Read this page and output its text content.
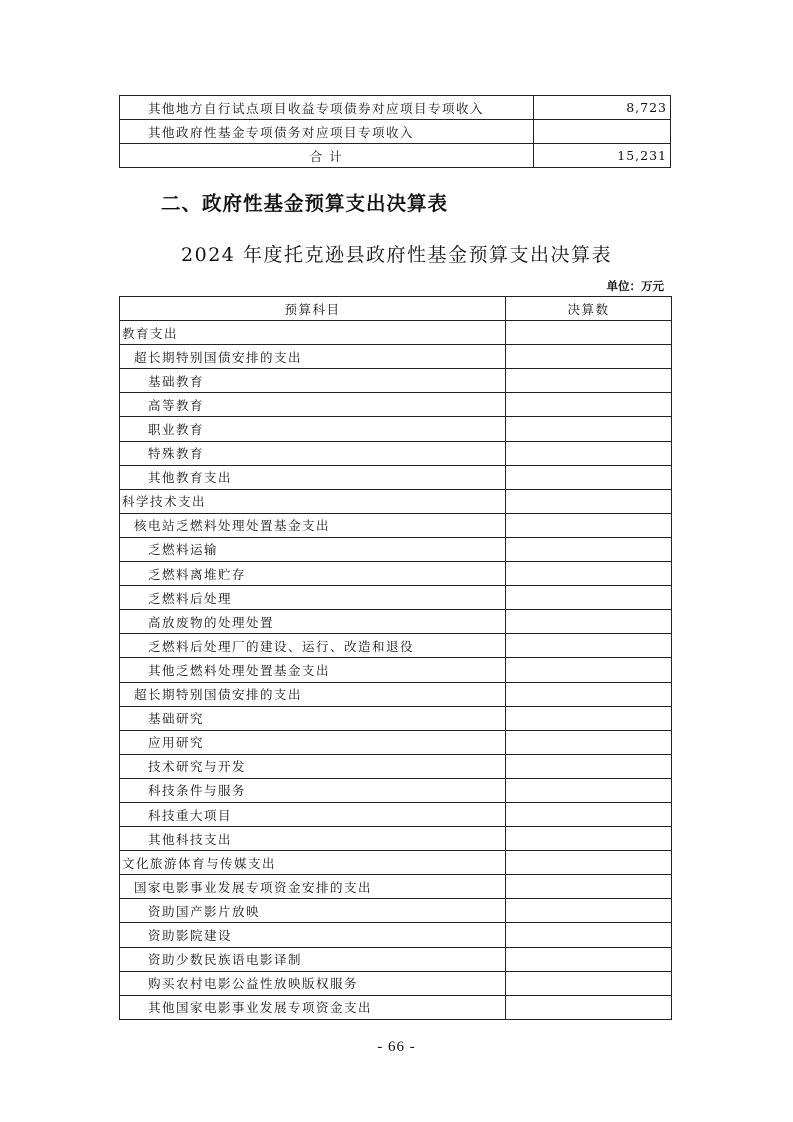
其他地方自行试点项目收益专项债券对应项目专项收入	8,723
其他政府性基金专项债务对应项目专项收入	
合 计	15,231
二、政府性基金预算支出决算表
2024 年度托克逊县政府性基金预算支出决算表
单位：万元
预算科目	决算数
教育支出	
超长期特别国债安排的支出	
基础教育	
高等教育	
职业教育	
特殊教育	
其他教育支出	
科学技术支出	
核电站乏燃料处理处置基金支出	
乏燃料运输	
乏燃料离堆贮存	
乏燃料后处理	
高放废物的处理处置	
乏燃料后处理厂的建设、运行、改造和退役	
其他乏燃料处理处置基金支出	
超长期特别国债安排的支出	
基础研究	
应用研究	
技术研究与开发	
科技条件与服务	
科技重大项目	
其他科技支出	
文化旅游体育与传媒支出	
国家电影事业发展专项资金安排的支出	
资助国产影片放映	
资助影院建设	
资助少数民族语电影译制	
购买农村电影公益性放映版权服务	
其他国家电影事业发展专项资金支出	
- 66 -
